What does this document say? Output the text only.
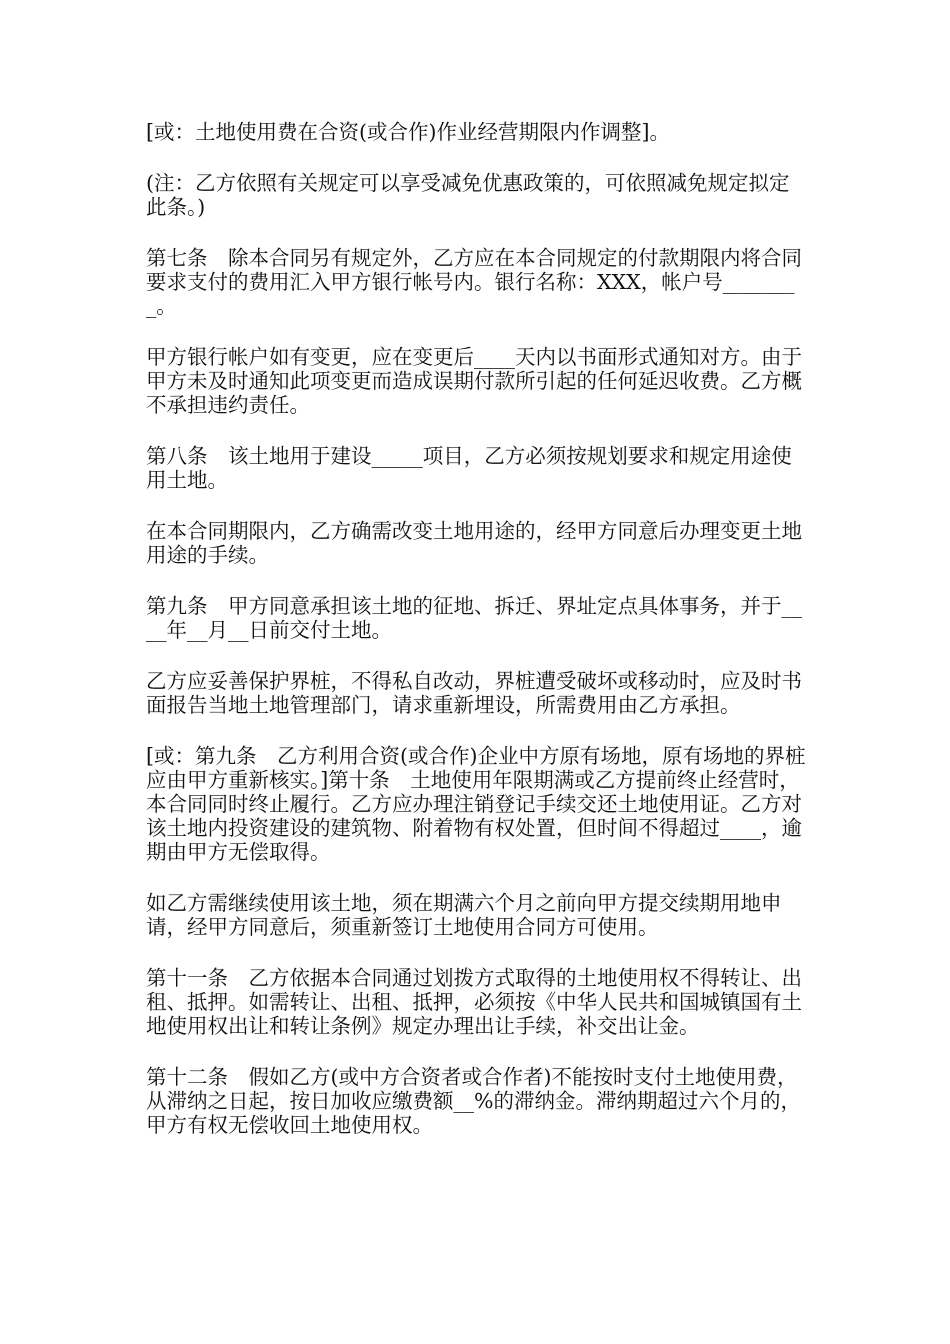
[或：土地使用费在合资(或合作)作业经营期限内作调整]。

(注：乙方依照有关规定可以享受减免优惠政策的，可依照减免规定拟定此条。)

第七条　除本合同另有规定外，乙方应在本合同规定的付款期限内将合同要求支付的费用汇入甲方银行帐号内。银行名称：XXX，帐户号________。

甲方银行帐户如有变更，应在变更后____天内以书面形式通知对方。由于甲方未及时通知此项变更而造成误期付款所引起的任何延迟收费。乙方概不承担违约责任。

第八条　该土地用于建设_____项目，乙方必须按规划要求和规定用途使用土地。

在本合同期限内，乙方确需改变土地用途的，经甲方同意后办理变更土地用途的手续。

第九条　甲方同意承担该土地的征地、拆迁、界址定点具体事务，并于____年__月__日前交付土地。

乙方应妥善保护界桩，不得私自改动，界桩遭受破坏或移动时，应及时书面报告当地土地管理部门，请求重新埋设，所需费用由乙方承担。

[或：第九条　乙方利用合资(或合作)企业中方原有场地，原有场地的界桩应由甲方重新核实。]第十条　土地使用年限期满或乙方提前终止经营时，本合同同时终止履行。乙方应办理注销登记手续交还土地使用证。乙方对该土地内投资建设的建筑物、附着物有权处置，但时间不得超过____，逾期由甲方无偿取得。

如乙方需继续使用该土地，须在期满六个月之前向甲方提交续期用地申请，经甲方同意后，须重新签订土地使用合同方可使用。

第十一条　乙方依据本合同通过划拨方式取得的土地使用权不得转让、出租、抵押。如需转让、出租、抵押，必须按《中华人民共和国城镇国有土地使用权出让和转让条例》规定办理出让手续，补交出让金。

第十二条　假如乙方(或中方合资者或合作者)不能按时支付土地使用费，从滞纳之日起，按日加收应缴费额__%的滞纳金。滞纳期超过六个月的，甲方有权无偿收回土地使用权。
